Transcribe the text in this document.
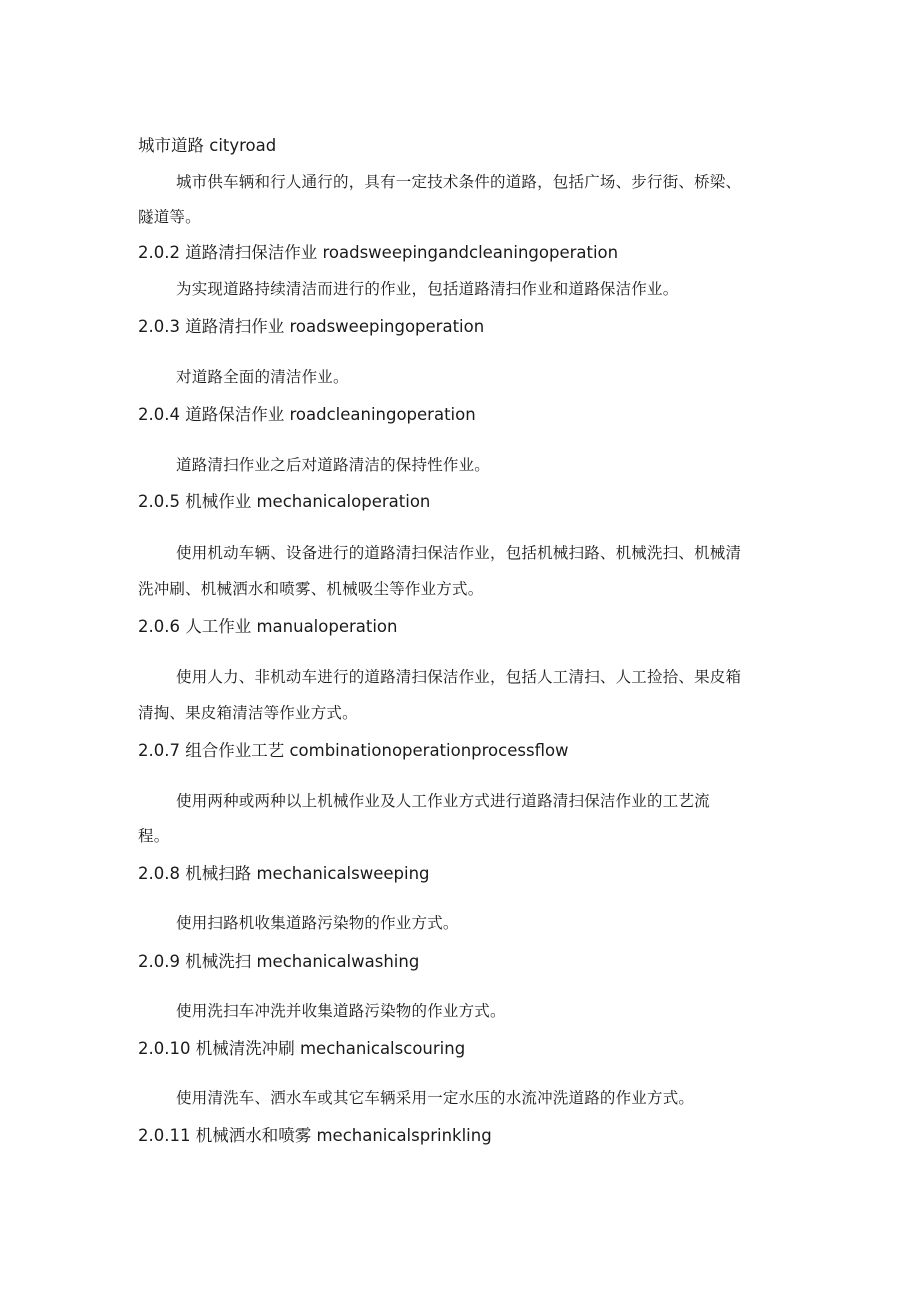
城市道路 cityroad
城市供车辆和行人通行的，具有一定技术条件的道路，包括广场、步行街、桥梁、
隧道等。
2.0.2 道路清扫保洁作业 roadsweepingandcleaningoperation
为实现道路持续清洁而进行的作业，包括道路清扫作业和道路保洁作业。
2.0.3 道路清扫作业 roadsweepingoperation
对道路全面的清洁作业。
2.0.4 道路保洁作业 roadcleaningoperation
道路清扫作业之后对道路清洁的保持性作业。
2.0.5 机械作业 mechanicaloperation
使用机动车辆、设备进行的道路清扫保洁作业，包括机械扫路、机械洗扫、机械清
洗冲刷、机械洒水和喷雾、机械吸尘等作业方式。
2.0.6 人工作业 manualoperation
使用人力、非机动车进行的道路清扫保洁作业，包括人工清扫、人工捡拾、果皮箱
清掏、果皮箱清洁等作业方式。
2.0.7 组合作业工艺 combinationoperationprocessflow
使用两种或两种以上机械作业及人工作业方式进行道路清扫保洁作业的工艺流
程。
2.0.8 机械扫路 mechanicalsweeping
使用扫路机收集道路污染物的作业方式。
2.0.9 机械洗扫 mechanicalwashing
使用洗扫车冲洗并收集道路污染物的作业方式。
2.0.10 机械清洗冲刷 mechanicalscouring
使用清洗车、洒水车或其它车辆采用一定水压的水流冲洗道路的作业方式。
2.0.11 机械洒水和喷雾 mechanicalsprinkling
